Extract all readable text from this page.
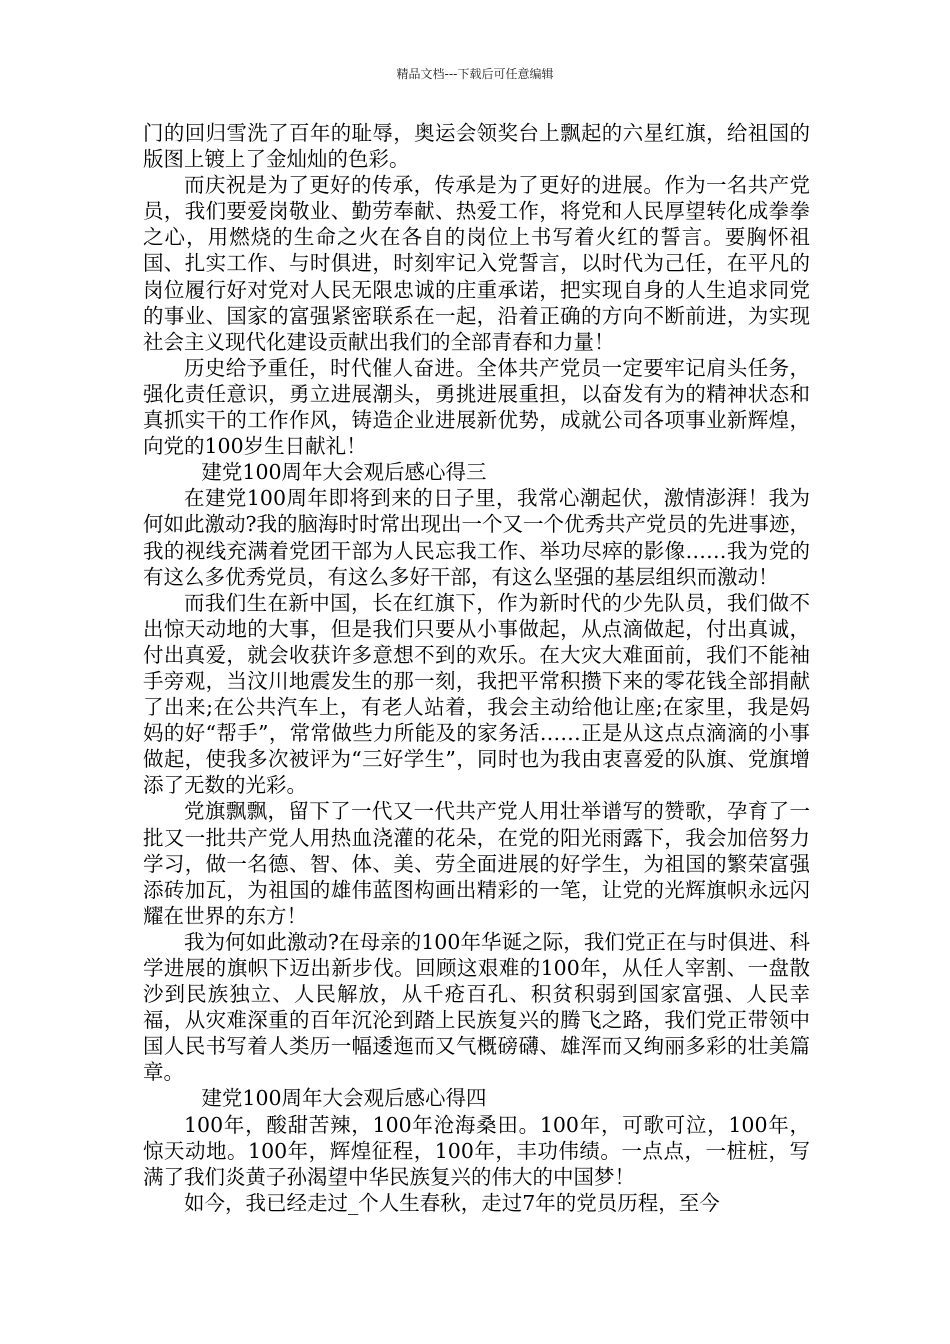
精品文档---下载后可任意编辑

门的回归雪洗了百年的耻辱，奥运会领奖台上飘起的六星红旗，给祖国的版图上镀上了金灿灿的色彩。

而庆祝是为了更好的传承，传承是为了更好的进展。作为一名共产党员，我们要爱岗敬业、勤劳奉献、热爱工作，将党和人民厚望转化成拳拳之心，用燃烧的生命之火在各自的岗位上书写着火红的誓言。要胸怀祖国、扎实工作、与时俱进，时刻牢记入党誓言，以时代为己任，在平凡的岗位履行好对党对人民无限忠诚的庄重承诺，把实现自身的人生追求同党的事业、国家的富强紧密联系在一起，沿着正确的方向不断前进，为实现社会主义现代化建设贡献出我们的全部青春和力量！

历史给予重任，时代催人奋进。全体共产党员一定要牢记肩头任务，强化责任意识，勇立进展潮头，勇挑进展重担，以奋发有为的精神状态和真抓实干的工作作风，铸造企业进展新优势，成就公司各项事业新辉煌，向党的100岁生日献礼！

建党100周年大会观后感心得三

在建党100周年即将到来的日子里，我常心潮起伏，激情澎湃！我为何如此激动?我的脑海时时常出现出一个又一个优秀共产党员的先进事迹，我的视线充满着党团干部为人民忘我工作、举功尽瘁的影像……我为党的有这么多优秀党员，有这么多好干部，有这么坚强的基层组织而激动！

而我们生在新中国，长在红旗下，作为新时代的少先队员，我们做不出惊天动地的大事，但是我们只要从小事做起，从点滴做起，付出真诚，付出真爱，就会收获许多意想不到的欢乐。在大灾大难面前，我们不能袖手旁观，当汶川地震发生的那一刻，我把平常积攒下来的零花钱全部捐献了出来;在公共汽车上，有老人站着，我会主动给他让座;在家里，我是妈妈的好“帮手”，常常做些力所能及的家务活……正是从这点点滴滴的小事做起，使我多次被评为“三好学生”，同时也为我由衷喜爱的队旗、党旗增添了无数的光彩。

党旗飘飘，留下了一代又一代共产党人用壮举谱写的赞歌，孕育了一批又一批共产党人用热血浇灌的花朵，在党的阳光雨露下，我会加倍努力学习，做一名德、智、体、美、劳全面进展的好学生，为祖国的繁荣富强添砖加瓦，为祖国的雄伟蓝图构画出精彩的一笔，让党的光辉旗帜永远闪耀在世界的东方！

我为何如此激动?在母亲的100年华诞之际，我们党正在与时俱进、科学进展的旗帜下迈出新步伐。回顾这艰难的100年，从任人宰割、一盘散沙到民族独立、人民解放，从千疮百孔、积贫积弱到国家富强、人民幸福，从灾难深重的百年沉沦到踏上民族复兴的腾飞之路，我们党正带领中国人民书写着人类历一幅逶迤而又气概磅礴、雄浑而又绚丽多彩的壮美篇章。

建党100周年大会观后感心得四

100年，酸甜苦辣，100年沧海桑田。100年，可歌可泣，100年，惊天动地。100年，辉煌征程，100年，丰功伟绩。一点点，一桩桩，写满了我们炎黄子孙渴望中华民族复兴的伟大的中国梦！

如今，我已经走过_个人生春秋，走过7年的党员历程，至今
